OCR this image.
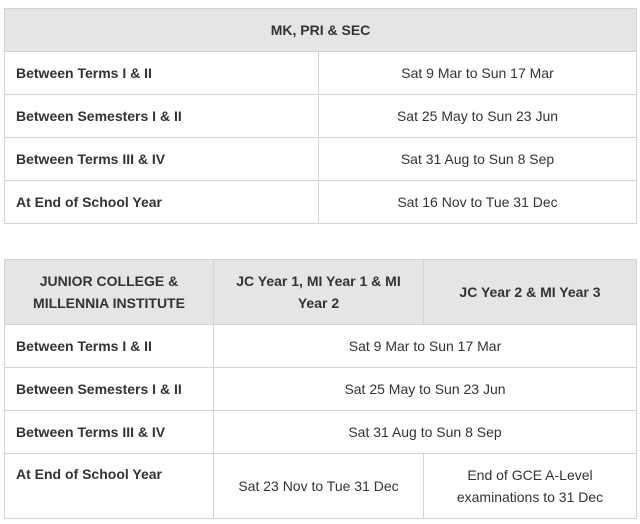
MK, PRI & SEC	
Between Terms I & II	Sat 9 Mar to Sun 17 Mar
Between Semesters I & II	Sat 25 May to Sun 23 Jun
Between Terms III & IV	Sat 31 Aug to Sun 8 Sep
At End of School Year	Sat 16 Nov to Tue 31 Dec
JUNIOR COLLEGE & MILLENNIA INSTITUTE	JC Year 1, MI Year 1 & MI Year 2	JC Year 2 & MI Year 3
Between Terms I & II	Sat 9 Mar to Sun 17 Mar	
Between Semesters I & II	Sat 25 May to Sun 23 Jun	
Between Terms III & IV	Sat 31 Aug to Sun 8 Sep	
At End of School Year	Sat 23 Nov to Tue 31 Dec	End of GCE A-Level examinations to 31 Dec
